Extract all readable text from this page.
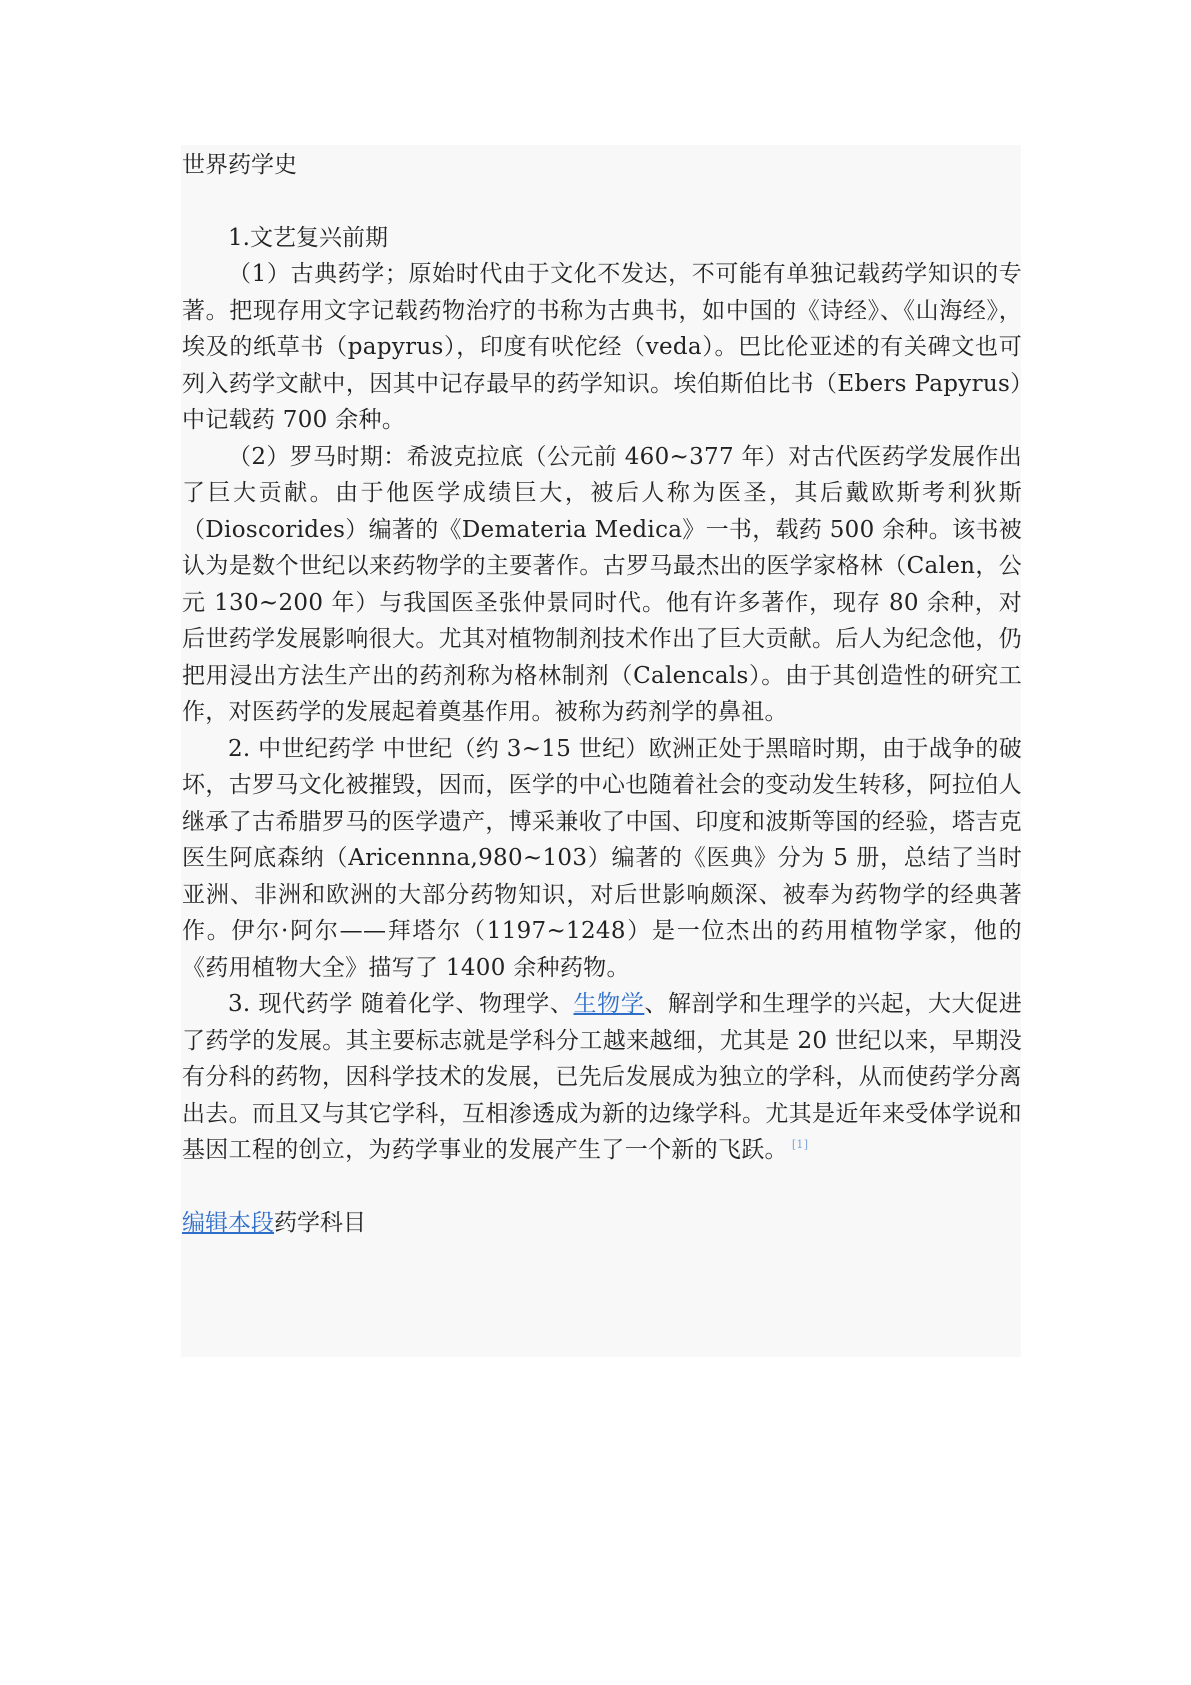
世界药学史

1.文艺复兴前期

（1）古典药学；原始时代由于文化不发达，不可能有单独记载药学知识的专著。把现存用文字记载药物治疗的书称为古典书，如中国的《诗经》、《山海经》，埃及的纸草书（papyrus），印度有吠佗经（veda）。巴比伦亚述的有关碑文也可列入药学文献中，因其中记存最早的药学知识。埃伯斯伯比书（Ebers Papyrus）中记载药 700 余种。

（2）罗马时期：希波克拉底（公元前 460~377 年）对古代医药学发展作出了巨大贡献。由于他医学成绩巨大，被后人称为医圣，其后戴欧斯考利狄斯（Dioscorides）编著的《Demateria Medica》一书，载药 500 余种。该书被认为是数个世纪以来药物学的主要著作。古罗马最杰出的医学家格林（Calen，公元 130~200 年）与我国医圣张仲景同时代。他有许多著作，现存 80 余种，对后世药学发展影响很大。尤其对植物制剂技术作出了巨大贡献。后人为纪念他，仍把用浸出方法生产出的药剂称为格林制剂（Calencals）。由于其创造性的研究工作，对医药学的发展起着奠基作用。被称为药剂学的鼻祖。

2. 中世纪药学 中世纪（约 3~15 世纪）欧洲正处于黑暗时期，由于战争的破坏，古罗马文化被摧毁，因而，医学的中心也随着社会的变动发生转移，阿拉伯人继承了古希腊罗马的医学遗产，博采兼收了中国、印度和波斯等国的经验，塔吉克医生阿底森纳（Aricennna,980~103）编著的《医典》分为 5 册，总结了当时亚洲、非洲和欧洲的大部分药物知识，对后世影响颇深、被奉为药物学的经典著作。伊尔·阿尔——拜塔尔（1197~1248）是一位杰出的药用植物学家，他的《药用植物大全》描写了 1400 余种药物。

3. 现代药学 随着化学、物理学、生物学、解剖学和生理学的兴起，大大促进了药学的发展。其主要标志就是学科分工越来越细，尤其是 20 世纪以来，早期没有分科的药物，因科学技术的发展，已先后发展成为独立的学科，从而使药学分离出去。而且又与其它学科，互相渗透成为新的边缘学科。尤其是近年来受体学说和基因工程的创立，为药学事业的发展产生了一个新的飞跃。 [1]

编辑本段药学科目
